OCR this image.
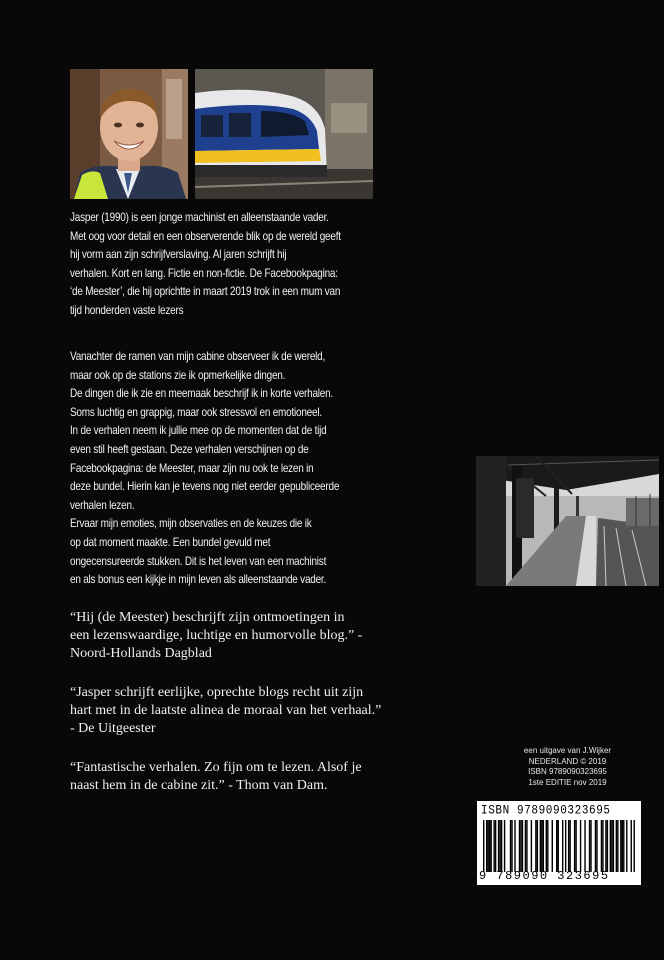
Jasper (1990) is een jonge machinist en alleenstaande vader.

Met oog voor detail en een observerende blik op de wereld geeft

hij vorm aan zijn schrijfverslaving. Al jaren schrijft hij

verhalen. Kort en lang. Fictie en non-fictie. De Facebookpagina:

‘de Meester’, die hij oprichtte in maart 2019 trok in een mum van

tijd honderden vaste lezers

Vanachter de ramen van mijn cabine observeer ik de wereld,

maar ook op de stations zie ik opmerkelijke dingen.

De dingen die ik zie en meemaak beschrijf ik in korte verhalen.

Soms luchtig en grappig, maar ook stressvol en emotioneel.

In de verhalen neem ik jullie mee op de momenten dat de tijd

even stil heeft gestaan. Deze verhalen verschijnen op de

Facebookpagina: de Meester, maar zijn nu ook te lezen in

deze bundel. Hierin kan je tevens nog niet eerder gepubliceerde

verhalen lezen.

Ervaar mijn emoties, mijn observaties en de keuzes die ik

op dat moment maakte. Een bundel gevuld met

ongecensureerde stukken. Dit is het leven van een machinist

en als bonus een kijkje in mijn leven als alleenstaande vader.

“Hij (de Meester) beschrijft zijn ontmoetingen in

een lezenswaardige, luchtige en humorvolle blog.” -

Noord-Hollands Dagblad

“Jasper schrijft eerlijke, oprechte blogs recht uit zijn

hart met in de laatste alinea de moraal van het verhaal.”

- De Uitgeester

“Fantastische verhalen. Zo fijn om te lezen. Alsof je

naast hem in de cabine zit.” - Thom van Dam.

een uitgave van J.Wijker
NEDERLAND © 2019
ISBN 9789090323695
1ste EDITIE nov 2019
ISBN 9789090323695
9 789090 323695
